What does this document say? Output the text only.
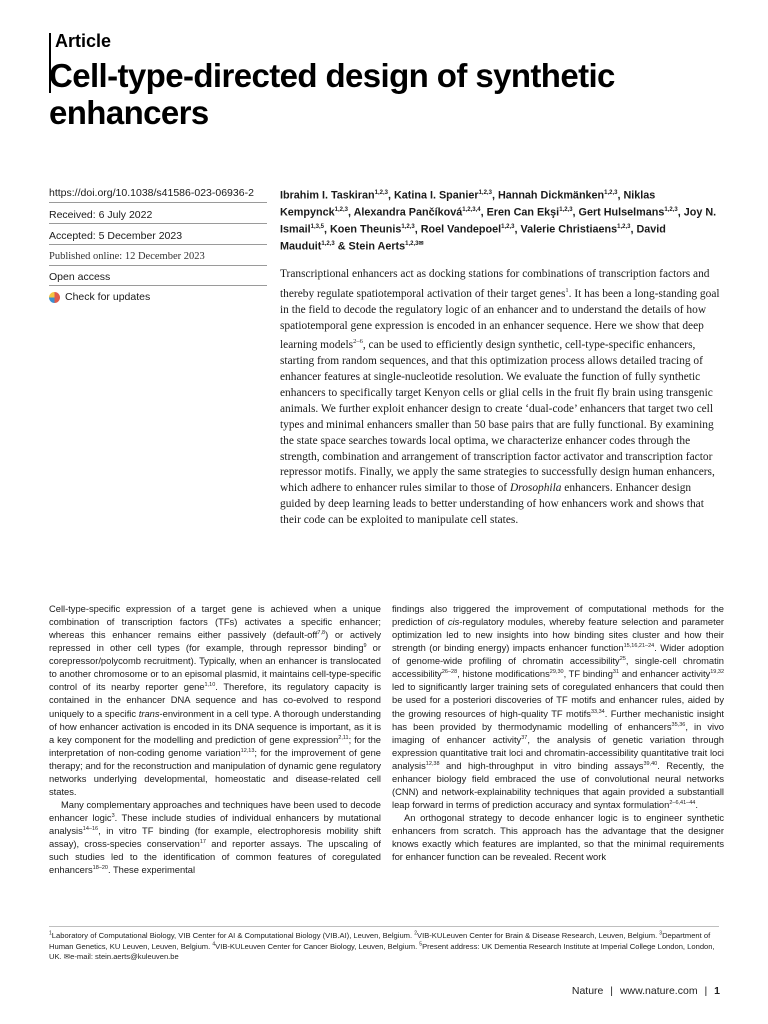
Article
Cell-type-directed design of synthetic enhancers
https://doi.org/10.1038/s41586-023-06936-2
Received: 6 July 2022
Accepted: 5 December 2023
Published online: 12 December 2023
Open access
Check for updates
Ibrahim I. Taskiran$^{1,2,3}$, Katina I. Spanier$^{1,2,3}$, Hannah Dickmänken$^{1,2,3}$, Niklas Kempynck$^{1,2,3}$, Alexandra Pančíková$^{1,2,3,4}$, Eren Can Ekşi$^{1,2,3}$, Gert Hulselmans$^{1,2,3}$, Joy N. Ismail$^{1,3,5}$, Koen Theunis$^{1,2,3}$, Roel Vandepoel$^{1,2,3}$, Valerie Christiaens$^{1,2,3}$, David Mauduit$^{1,2,3}$ & Stein Aerts$^{1,2,3✉}$
Transcriptional enhancers act as docking stations for combinations of transcription factors and thereby regulate spatiotemporal activation of their target genes$^1$. It has been a long-standing goal in the field to decode the regulatory logic of an enhancer and to understand the details of how spatiotemporal gene expression is encoded in an enhancer sequence. Here we show that deep learning models$^{2-6}$, can be used to efficiently design synthetic, cell-type-specific enhancers, starting from random sequences, and that this optimization process allows detailed tracing of enhancer features at single-nucleotide resolution. We evaluate the function of fully synthetic enhancers to specifically target Kenyon cells or glial cells in the fruit fly brain using transgenic animals. We further exploit enhancer design to create ‘dual-code’ enhancers that target two cell types and minimal enhancers smaller than 50 base pairs that are fully functional. By examining the state space searches towards local optima, we characterize enhancer codes through the strength, combination and arrangement of transcription factor activator and transcription factor repressor motifs. Finally, we apply the same strategies to successfully design human enhancers, which adhere to enhancer rules similar to those of Drosophila enhancers. Enhancer design guided by deep learning leads to better understanding of how enhancers work and shows that their code can be exploited to manipulate cell states.

Cell-type-specific expression of a target gene is achieved when a unique combination of transcription factors (TFs) activates a specific enhancer; whereas this enhancer remains either passively (default-off$^{7,8}$) or actively repressed in other cell types (for example, through repressor binding$^9$ or corepressor/polycomb recruitment). Typically, when an enhancer is translocated to another chromosome or to an episomal plasmid, it maintains cell-type-specific control of its nearby reporter gene$^{1,10}$. Therefore, its regulatory capacity is contained in the enhancer DNA sequence and has co-evolved to respond uniquely to a specific trans-environment in a cell type. A thorough understanding of how enhancer activation is encoded in its DNA sequence is important, as it is a key component for the modelling and prediction of gene expression$^{2,11}$; for the interpretation of non-coding genome variation$^{12,13}$; for the improvement of gene therapy; and for the reconstruction and manipulation of dynamic gene regulatory networks underlying developmental, homeostatic and disease-related cell states.

Many complementary approaches and techniques have been used to decode enhancer logic$^3$. These include studies of individual enhancers by mutational analysis$^{14-16}$, in vitro TF binding (for example, electrophoresis mobility shift assay), cross-species conservation$^{17}$ and reporter assays. The upscaling of such studies led to the identification of common features of coregulated enhancers$^{18-20}$. These experimental

findings also triggered the improvement of computational methods for the prediction of cis-regulatory modules, whereby feature selection and parameter optimization led to new insights into how binding sites cluster and how their strength (or binding energy) impacts enhancer function$^{15,16,21-24}$. Wider adoption of genome-wide profiling of chromatin accessibility$^{25}$, single-cell chromatin accessibility$^{26-28}$, histone modifications$^{29,30}$, TF binding$^{31}$ and enhancer activity$^{19,32}$ led to significantly larger training sets of coregulated enhancers that could then be used for a posteriori discoveries of TF motifs and enhancer rules, aided by the growing resources of high-quality TF motifs$^{33,34}$. Further mechanistic insight has been provided by thermodynamic modelling of enhancers$^{35,36}$, in vivo imaging of enhancer activity$^{37}$, the analysis of genetic variation through expression quantitative trait loci and chromatin-accessibility quantitative trait loci analysis$^{12,38}$ and high-throughput in vitro binding assays$^{39,40}$. Recently, the enhancer biology field embraced the use of convolutional neural networks (CNN) and network-explainability techniques that again provided a substantiall leap forward in terms of prediction accuracy and syntax formulation$^{2-6,41-44}$.

An orthogonal strategy to decode enhancer logic is to engineer synthetic enhancers from scratch. This approach has the advantage that the designer knows exactly which features are implanted, so that the minimal requirements for enhancer function can be revealed. Recent work

$^1$Laboratory of Computational Biology, VIB Center for AI & Computational Biology (VIB.AI), Leuven, Belgium. $^2$VIB-KULeuven Center for Brain & Disease Research, Leuven, Belgium. $^3$Department of Human Genetics, KU Leuven, Leuven, Belgium. $^4$VIB-KULeuven Center for Cancer Biology, Leuven, Belgium. $^5$Present address: UK Dementia Research Institute at Imperial College London, London, UK. ✉e-mail: stein.aerts@kuleuven.be
Nature | www.nature.com | 1
